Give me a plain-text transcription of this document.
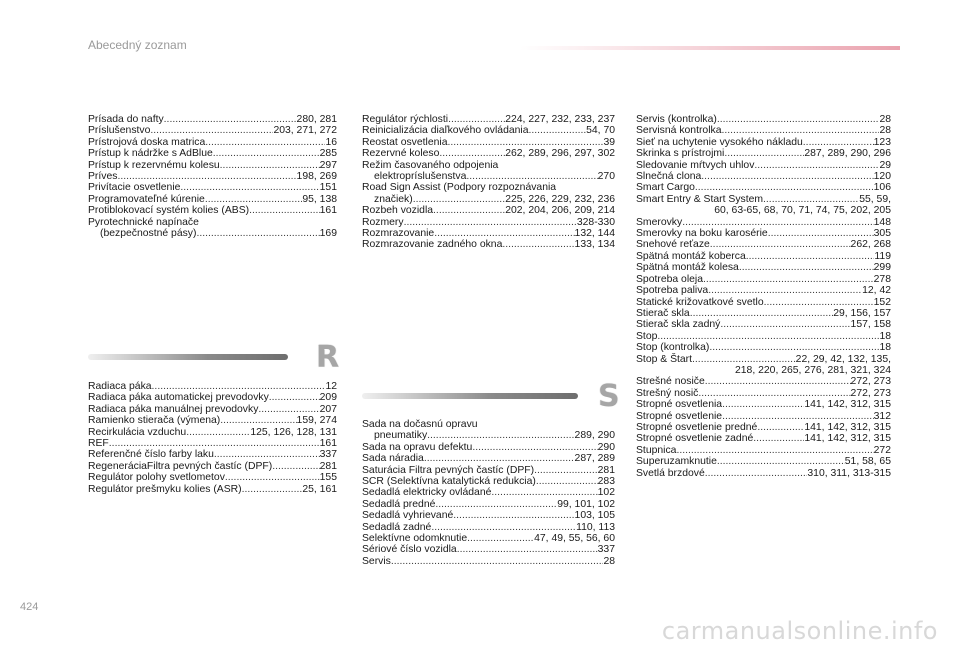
Abecedný zoznam
Prísada do nafty .....	280, 281
Príslušenstvo .....	203, 271, 272
Prístrojová doska matrica .....	16
Prístup k nádržke s AdBlue .....	285
Prístup k rezervnému kolesu .....	297
Príves .....	198, 269
Privítacie osvetlenie .....	151
Programovateľné kúrenie .....	95, 138
Protiblokovací systém kolies (ABS) .....	161
Pyrotechnické napínače
(bezpečnostné pásy) .....	169
R
Radiaca páka .....	12
Radiaca páka automatickej prevodovky .....	209
Radiaca páka manuálnej prevodovky .....	207
Ramienko stierača (výmena) .....	159, 274
Recirkulácia vzduchu .....	125, 126, 128, 131
REF .....	161
Referenčné číslo farby laku .....	337
RegeneráciaFiltra pevných častíc (DPF) .....	281
Regulátor polohy svetlometov .....	155
Regulátor prešmyku kolies (ASR) .....	25, 161
Regulátor rýchlosti .....	224, 227, 232, 233, 237
Reinicializácia diaľkového ovládania .....	54, 70
Reostat osvetlenia .....	39
Rezervné koleso .....	262, 289, 296, 297, 302
Režim časovaného odpojenia
elektropríslušenstva .....	270
Road Sign Assist (Podpory rozpoznávania
značiek) .....	225, 226, 229, 232, 236
Rozbeh vozidla .....	202, 204, 206, 209, 214
Rozmery .....	328-330
Rozmrazovanie .....	132, 144
Rozmrazovanie zadného okna .....	133, 134
S
Sada na dočasnú opravu
pneumatiky .....	289, 290
Sada na opravu defektu .....	290
Sada náradia .....	287, 289
Saturácia Filtra pevných častíc (DPF) .....	281
SCR (Selektívna katalytická redukcia) .....	283
Sedadlá elektricky ovládané .....	102
Sedadlá predné .....	99, 101, 102
Sedadlá vyhrievané .....	103, 105
Sedadlá zadné .....	110, 113
Selektívne odomknutie .....	47, 49, 55, 56, 60
Sériové číslo vozidla .....	337
Servis .....	28
Servis (kontrolka) .....	28
Servisná kontrolka .....	28
Sieť na uchytenie vysokého nákladu .....	123
Skrinka s prístrojmi .....	287, 289, 290, 296
Sledovanie mŕtvych uhlov .....	29
Slnečná clona .....	120
Smart Cargo .....	106
Smart Entry & Start System .....	55, 59,
60, 63-65, 68, 70, 71, 74, 75, 202, 205
Smerovky .....	148
Smerovky na boku karosérie .....	305
Snehové reťaze .....	262, 268
Spätná montáž koberca .....	119
Spätná montáž kolesa .....	299
Spotreba oleja .....	278
Spotreba paliva .....	12, 42
Statické križovatkové svetlo .....	152
Stierač skla .....	29, 156, 157
Stierač skla zadný .....	157, 158
Stop .....	18
Stop (kontrolka) .....	18
Stop & Štart .....	22, 29, 42, 132, 135,
218, 220, 265, 276, 281, 321, 324
Strešné nosiče .....	272, 273
Strešný nosič .....	272, 273
Stropné osvetlenia .....	141, 142, 312, 315
Stropné osvetlenie .....	312
Stropné osvetlenie predné .....	141, 142, 312, 315
Stropné osvetlenie zadné .....	141, 142, 312, 315
Stupnica .....	272
Superuzamknutie .....	51, 58, 65
Svetlá brzdové .....	310, 311, 313-315
424
carmanualsonline.info
